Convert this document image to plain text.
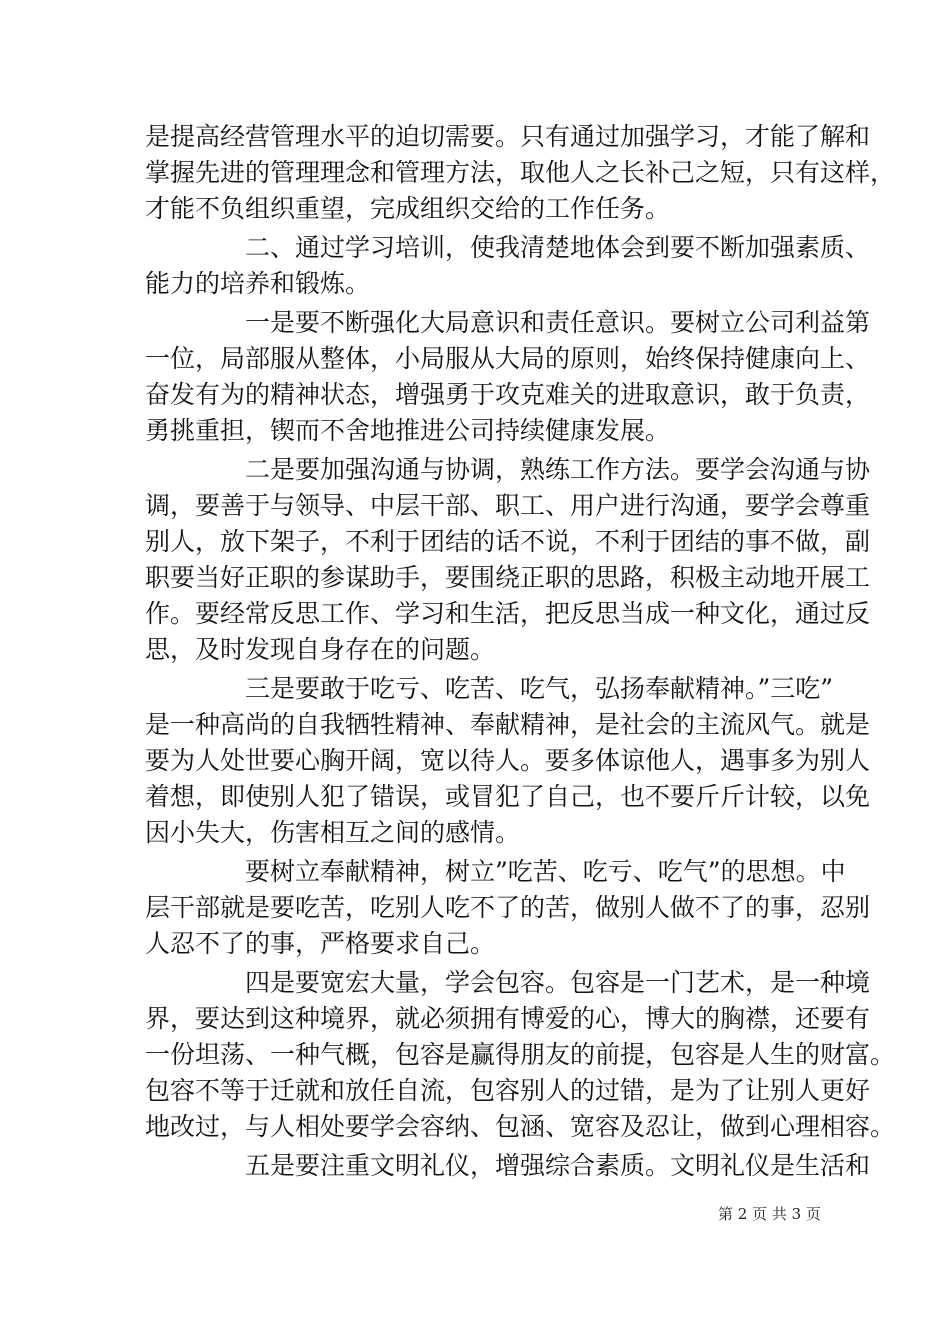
是提高经营管理水平的迫切需要。只有通过加强学习，才能了解和
掌握先进的管理理念和管理方法，取他人之长补己之短，只有这样，
才能不负组织重望，完成组织交给的工作任务。
二、通过学习培训，使我清楚地体会到要不断加强素质、
能力的培养和锻炼。
一是要不断强化大局意识和责任意识。要树立公司利益第
一位，局部服从整体，小局服从大局的原则，始终保持健康向上、
奋发有为的精神状态，增强勇于攻克难关的进取意识，敢于负责，
勇挑重担，锲而不舍地推进公司持续健康发展。
二是要加强沟通与协调，熟练工作方法。要学会沟通与协
调，要善于与领导、中层干部、职工、用户进行沟通，要学会尊重
别人，放下架子，不利于团结的话不说，不利于团结的事不做，副
职要当好正职的参谋助手，要围绕正职的思路，积极主动地开展工
作。要经常反思工作、学习和生活，把反思当成一种文化，通过反
思，及时发现自身存在的问题。
三是要敢于吃亏、吃苦、吃气，弘扬奉献精神。”三吃”
是一种高尚的自我牺牲精神、奉献精神，是社会的主流风气。就是
要为人处世要心胸开阔，宽以待人。要多体谅他人，遇事多为别人
着想，即使别人犯了错误，或冒犯了自己，也不要斤斤计较，以免
因小失大，伤害相互之间的感情。
要树立奉献精神，树立”吃苦、吃亏、吃气”的思想。中
层干部就是要吃苦，吃别人吃不了的苦，做别人做不了的事，忍别
人忍不了的事，严格要求自己。
四是要宽宏大量，学会包容。包容是一门艺术，是一种境
界，要达到这种境界，就必须拥有博爱的心，博大的胸襟，还要有
一份坦荡、一种气概，包容是赢得朋友的前提，包容是人生的财富。
包容不等于迁就和放任自流，包容别人的过错，是为了让别人更好
地改过，与人相处要学会容纳、包涵、宽容及忍让，做到心理相容。
五是要注重文明礼仪，增强综合素质。文明礼仪是生活和
第 2 页 共 3 页
